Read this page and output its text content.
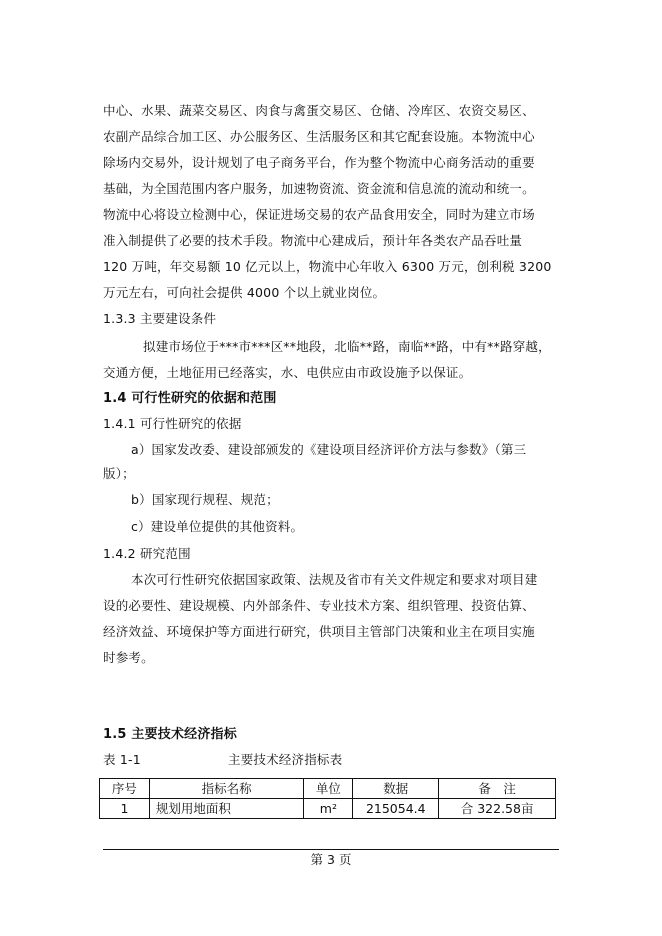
中心、水果、蔬菜交易区、肉食与禽蛋交易区、仓储、冷库区、农资交易区、
农副产品综合加工区、办公服务区、生活服务区和其它配套设施。本物流中心
除场内交易外，设计规划了电子商务平台，作为整个物流中心商务活动的重要
基础，为全国范围内客户服务，加速物资流、资金流和信息流的流动和统一。
物流中心将设立检测中心，保证进场交易的农产品食用安全，同时为建立市场
准入制提供了必要的技术手段。物流中心建成后，预计年各类农产品吞吐量
120 万吨，年交易额 10 亿元以上，物流中心年收入 6300 万元，创利税 3200
万元左右，可向社会提供 4000 个以上就业岗位。
1.3.3 主要建设条件
拟建市场位于***市***区**地段，北临**路，南临**路，中有**路穿越，
交通方便，土地征用已经落实，水、电供应由市政设施予以保证。
1.4 可行性研究的依据和范围
1.4.1 可行性研究的依据
a）国家发改委、建设部颁发的《建设项目经济评价方法与参数》（第三
版）；
b）国家现行规程、规范；
c）建设单位提供的其他资料。
1.4.2 研究范围
本次可行性研究依据国家政策、法规及省市有关文件规定和要求对项目建
设的必要性、建设规模、内外部条件、专业技术方案、组织管理、投资估算、
经济效益、环境保护等方面进行研究，供项目主管部门决策和业主在项目实施
时参考。
1.5 主要技术经济指标
表 1-1	主要技术经济指标表
序号	指标名称	单位	数据	备　注
1	规划用地面积	m²	215054.4	合 322.58亩
第 3 页
